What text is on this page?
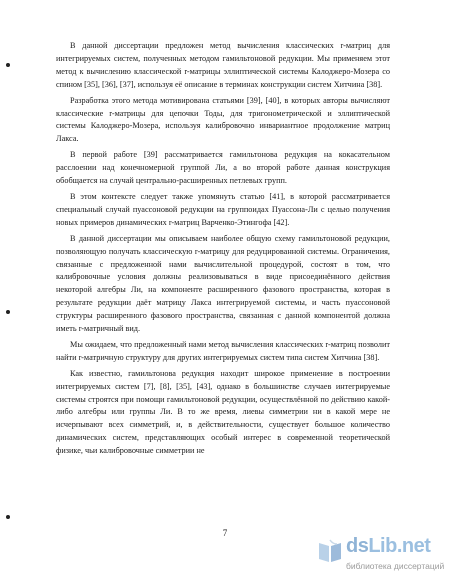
В данной диссертации предложен метод вычисления классических r-матриц для интегрируемых систем, полученных методом гамильтоновой редукции. Мы применяем этот метод к вычислению классической r-матрицы эллиптической системы Калоджеро-Мозера со спином [35], [36], [37], используя её описание в терминах конструкции систем Хитчина [38].

Разработка этого метода мотивирована статьями [39], [40], в которых авторы вычисляют классические r-матрицы для цепочки Тоды, для тригонометрической и эллиптической системы Калоджеро-Мозера, используя калибровочно инвариантное продолжение матриц Лакса.

В первой работе [39] рассматривается гамильтонова редукция на кокасательном расслоении над конечномерной группой Ли, а во второй работе данная конструкция обобщается на случай центрально-расширенных петлевых групп.

В этом контексте следует также упомянуть статью [41], в которой рассматривается специальный случай пуассоновой редукции на группоидах Пуассона-Ли с целью получения новых примеров динамических r-матриц Варченко-Этингофа [42].

В данной диссертации мы описываем наиболее общую схему гамильтоновой редукции, позволяющую получать классическую r-матрицу для редуцированной системы. Ограничения, связанные с предложенной нами вычислительной процедурой, состоят в том, что калибровочные условия должны реализовываться в виде присоединённого действия некоторой алгебры Ли, на компоненте расширенного фазового пространства, которая в результате редукции даёт матрицу Лакса интегрируемой системы, и часть пуассоновой структуры расширенного фазового пространства, связанная с данной компонентой должна иметь r-матричный вид.

Мы ожидаем, что предложенный нами метод вычисления классических r-матриц позволит найти r-матричную структуру для других интегрируемых систем типа систем Хитчина [38].

Как известно, гамильтонова редукция находит широкое применение в построении интегрируемых систем [7], [8], [35], [43], однако в большинстве случаев интегрируемые системы строятся при помощи гамильтоновой редукции, осуществлённой по действию какой-либо алгебры или группы Ли. В то же время, лиевы симметрии ни в какой мере не исчерпывают всех симметрий, и, в действительности, существует большое количество динамических систем, представляющих особый интерес в современной теоретической физике, чьи калибровочные симметрии не

7
dsLib.net
библиотека диссертаций
